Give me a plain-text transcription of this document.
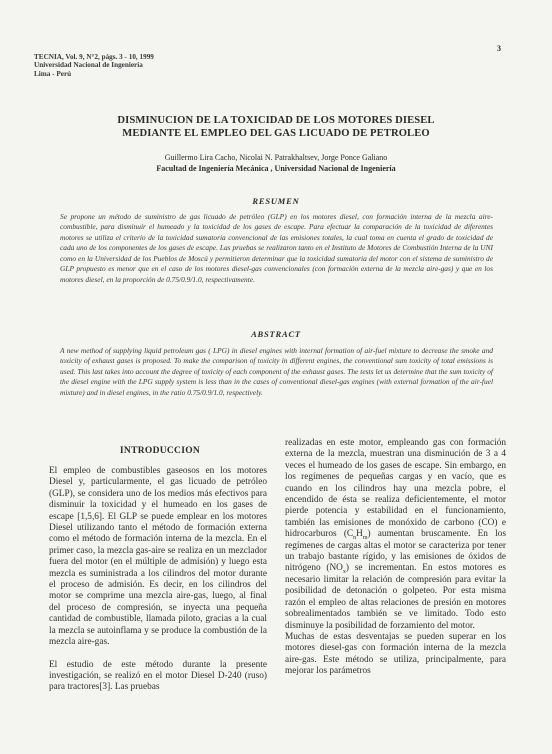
TECNIA, Vol. 9, N°2, págs. 3 - 10, 1999
Universidad Nacional de Ingeniería
Lima - Perú
3
DISMINUCION DE LA TOXICIDAD DE LOS MOTORES DIESEL
MEDIANTE EL EMPLEO DEL GAS LICUADO DE PETROLEO
Guillermo Lira Cacho, Nicolai N. Patrakhaltsev, Jorge Ponce Galiano
Facultad de Ingeniería Mecánica , Universidad Nacional de Ingeniería
RESUMEN
Se propone un método de suministro de gas licuado de petróleo (GLP) en los motores diesel, con formación interna de la mezcla aire-combustible, para disminuir el humeado y la toxicidad de los gases de escape. Para efectuar la comparación de la toxicidad de diferentes motores se utiliza el criterio de la toxicidad sumatoria convencional de las emisiones totales, la cual toma en cuenta el grado de toxicidad de cada uno de los componentes de los gases de escape. Las pruebas se realizaron tanto en el Instituto de Motores de Combustión Interna de la UNI como en la Universidad de los Pueblos de Moscú y permitieron determinar que la toxicidad sumatoria del motor con el sistema de suministro de GLP propuesto es menor que en el caso de los motores diesel-gas convencionales (con formación externa de la mezcla aire-gas) y que en los motores diesel, en la proporción de 0.75/0.9/1.0, respectivamente.
ABSTRACT
A new method of supplying liquid petroleum gas ( LPG) in diesel engines with internal formation of air-fuel mixture to decrease the smoke and toxicity of exhaust gases is proposed. To make the comparison of toxicity in different engines, the conventional sum toxicity of total emissions is used. This last takes into account the degree of toxicity of each component of the exhaust gases. The tests let us determine that the sum toxicity of the diesel engine with the LPG supply system is less than in the cases of conventional diesel-gas engines (with external formation of the air-fuel mixture) and in diesel engines, in the ratio 0.75/0.9/1.0, respectively.
INTRODUCCION

El empleo de combustibles gaseosos en los motores Diesel y, particularmente, el gas licuado de petróleo (GLP), se considera uno de los medios más efectivos para disminuir la toxicidad y el humeado en los gases de escape [1,5,6]. El GLP se puede emplear en los motores Diesel utilizando tanto el método de formación externa como el método de formación interna de la mezcla. En el primer caso, la mezcla gas-aire se realiza en un mezclador fuera del motor (en el múltiple de admisión) y luego esta mezcla es suministrada a los cilindros del motor durante el proceso de admisión. Es decir, en los cilindros del motor se comprime una mezcla aire-gas, luego, al final del proceso de compresión, se inyecta una pequeña cantidad de combustible, llamada piloto, gracias a la cual la mezcla se autoinflama y se produce la combustión de la mezcla aire-gas.

El estudio de este método durante la presente investigación, se realizó en el motor Diesel D-240 (ruso) para tractores[3]. Las pruebas

realizadas en este motor, empleando gas con formación externa de la mezcla, muestran una disminución de 3 a 4 veces el humeado de los gases de escape. Sin embargo, en los regímenes de pequeñas cargas y en vacío, que es cuando en los cilindros hay una mezcla pobre, el encendido de ésta se realiza deficientemente, el motor pierde potencia y estabilidad en el funcionamiento, también las emisiones de monóxido de carbono (CO) e hidrocarburos $(C_nH_m)$ aumentan bruscamente. En los regímenes de cargas altas el motor se caracteriza por tener un trabajo bastante rígido, y las emisiones de óxidos de nitrógeno $(NO_x)$ se incrementan. En estos motores es necesario limitar la relación de compresión para evitar la posibilidad de detonación o golpeteo. Por esta misma razón el empleo de altas relaciones de presión en motores sobrealimentados también se ve limitado. Todo esto disminuye la posibilidad de forzamiento del motor.

Muchas de estas desventajas se pueden superar en los motores diesel-gas con formación interna de la mezcla aire-gas. Este método se utiliza, principalmente, para mejorar los parámetros
